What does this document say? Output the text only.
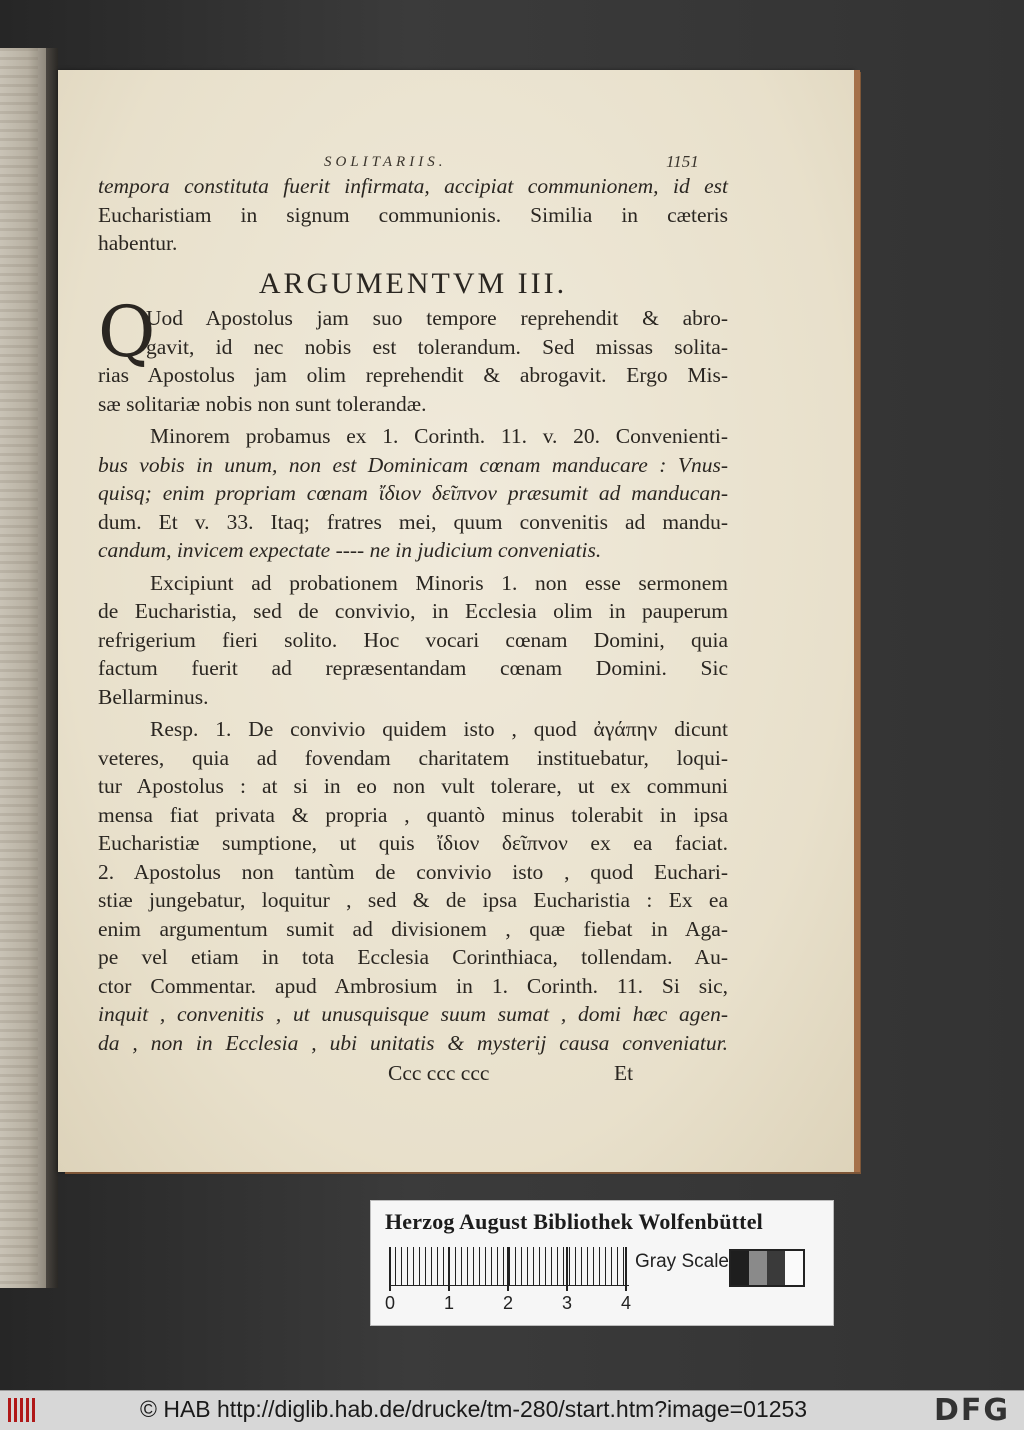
SOLITARIIS.	1151
tempora constituta fuerit infirmata, accipiat communionem, id est
Eucharistiam in signum communionis. Similia in cæteris
habentur.
ARGUMENTVM III.
Q
Uod Apostolus jam suo tempore reprehendit & abro-
gavit, id nec nobis est tolerandum. Sed missas solita-
rias Apostolus jam olim reprehendit & abrogavit. Ergo Mis-
sæ solitariæ nobis non sunt tolerandæ.
Minorem probamus ex 1. Corinth. 11. v. 20. Convenienti-
bus vobis in unum, non est Dominicam cœnam manducare : Vnus-
quisq; enim propriam cœnam ἴδιον δεῖπνον præsumit ad manducan-
dum. Et v. 33. Itaq; fratres mei, quum convenitis ad mandu-
candum, invicem expectate ---- ne in judicium conveniatis.
Excipiunt ad probationem Minoris 1. non esse sermonem
de Eucharistia, sed de convivio, in Ecclesia olim in pauperum
refrigerium fieri solito. Hoc vocari cœnam Domini, quia
factum fuerit ad repræsentandam cœnam Domini. Sic
Bellarminus.
Resp. 1. De convivio quidem isto , quod ἀγάπην dicunt
veteres, quia ad fovendam charitatem instituebatur, loqui-
tur Apostolus : at si in eo non vult tolerare, ut ex communi
mensa fiat privata & propria , quantò minus tolerabit in ipsa
Eucharistiæ sumptione, ut quis ἴδιον δεῖπνον ex ea faciat.
2. Apostolus non tantùm de convivio isto , quod Euchari-
stiæ jungebatur, loquitur , sed & de ipsa Eucharistia : Ex ea
enim argumentum sumit ad divisionem , quæ fiebat in Aga-
pe vel etiam in tota Ecclesia Corinthiaca, tollendam. Au-
ctor Commentar. apud Ambrosium in 1. Corinth. 11. Si sic,
inquit , convenitis , ut unusquisque suum sumat , domi hæc agen-
da , non in Ecclesia , ubi unitatis & mysterij causa conveniatur.
Ccc ccc ccc	Et
Herzog August Bibliothek Wolfenbüttel
0	1	2	3	4
Gray Scale
© HAB http://diglib.hab.de/drucke/tm-280/start.htm?image=01253	DFG
